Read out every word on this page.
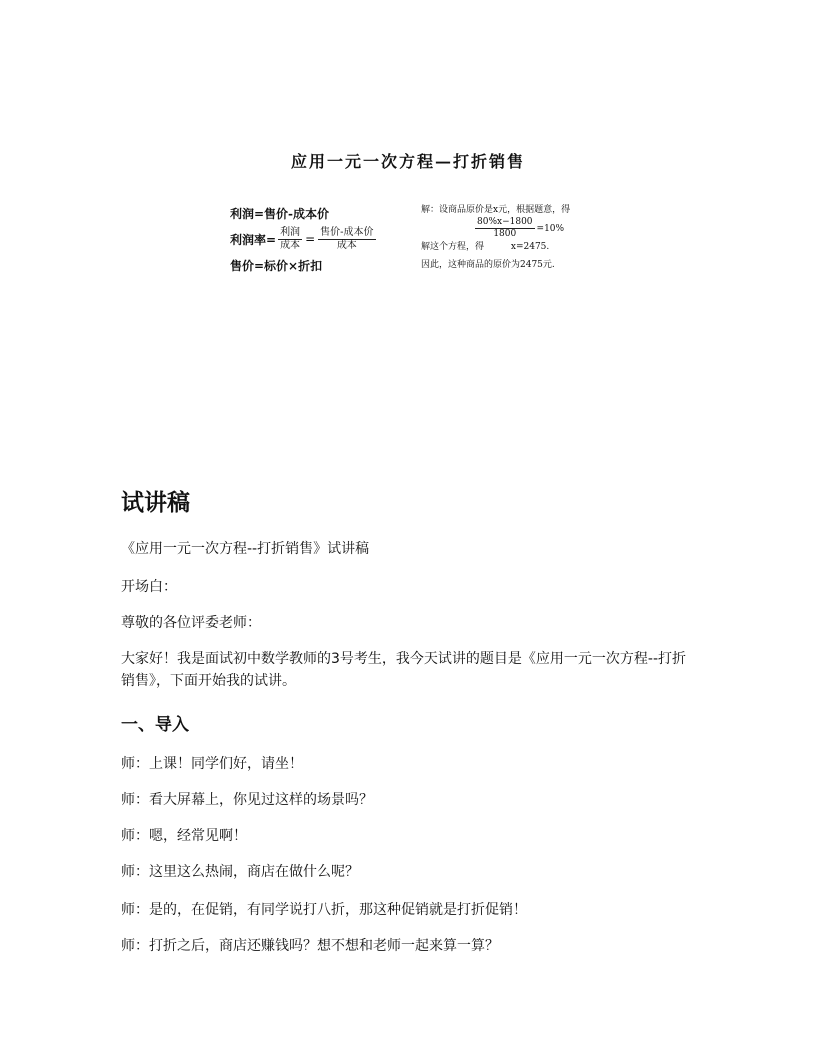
应用一元一次方程—打折销售
利润=售价-成本价
利润率= $\frac{\text{利润}}{\text{成本}} = \frac{\text{售价-成本价}}{\text{成本}}$
售价=标价×折扣
解：设商品原价是x元，根据题意，得
$\frac{80\%x-1800}{1800} =10\%$
解这个方程，得	x=2475.
因此，这种商品的原价为2475元.
试讲稿
《应用一元一次方程--打折销售》试讲稿
开场白：
尊敬的各位评委老师：
大家好！我是面试初中数学教师的3号考生，我今天试讲的题目是《应用一元一次方程--打折销售》，下面开始我的试讲。
一、导入
师：上课！同学们好，请坐！
师：看大屏幕上，你见过这样的场景吗？
师：嗯，经常见啊！
师：这里这么热闹，商店在做什么呢？
师：是的，在促销，有同学说打八折，那这种促销就是打折促销！
师：打折之后，商店还赚钱吗？想不想和老师一起来算一算？
